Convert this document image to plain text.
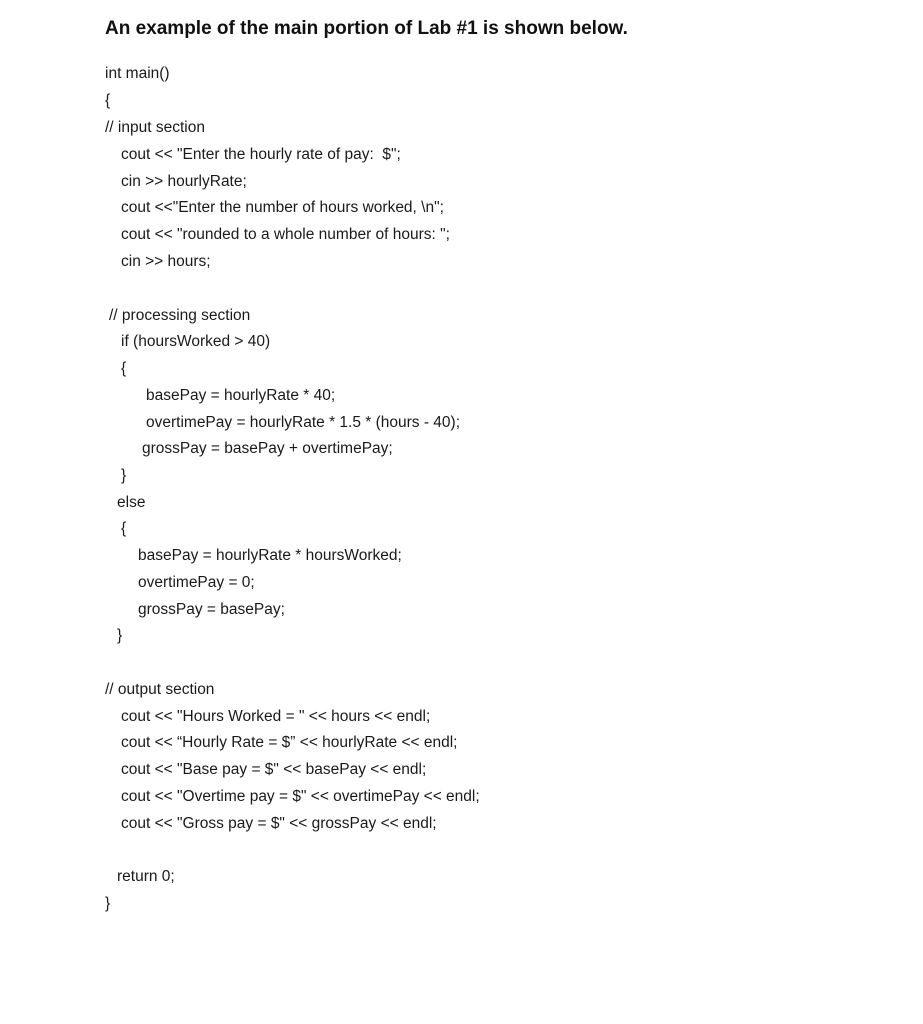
An example of the main portion of Lab #1 is shown below.
int main()
{
// input section
cout << "Enter the hourly rate of pay:  $";
cin >> hourlyRate;
cout <<"Enter the number of hours worked, \n";
cout << "rounded to a whole number of hours: ";
cin >> hours;
// processing section
if (hoursWorked > 40)
{
basePay = hourlyRate * 40;
overtimePay = hourlyRate * 1.5 * (hours - 40);
grossPay = basePay + overtimePay;
}
else
{
basePay = hourlyRate * hoursWorked;
overtimePay = 0;
grossPay = basePay;
}
// output section
cout << "Hours Worked = " << hours << endl;
cout << “Hourly Rate = $” << hourlyRate << endl;
cout << "Base pay = $" << basePay << endl;
cout << "Overtime pay = $" << overtimePay << endl;
cout << "Gross pay = $" << grossPay << endl;
return 0;
}
